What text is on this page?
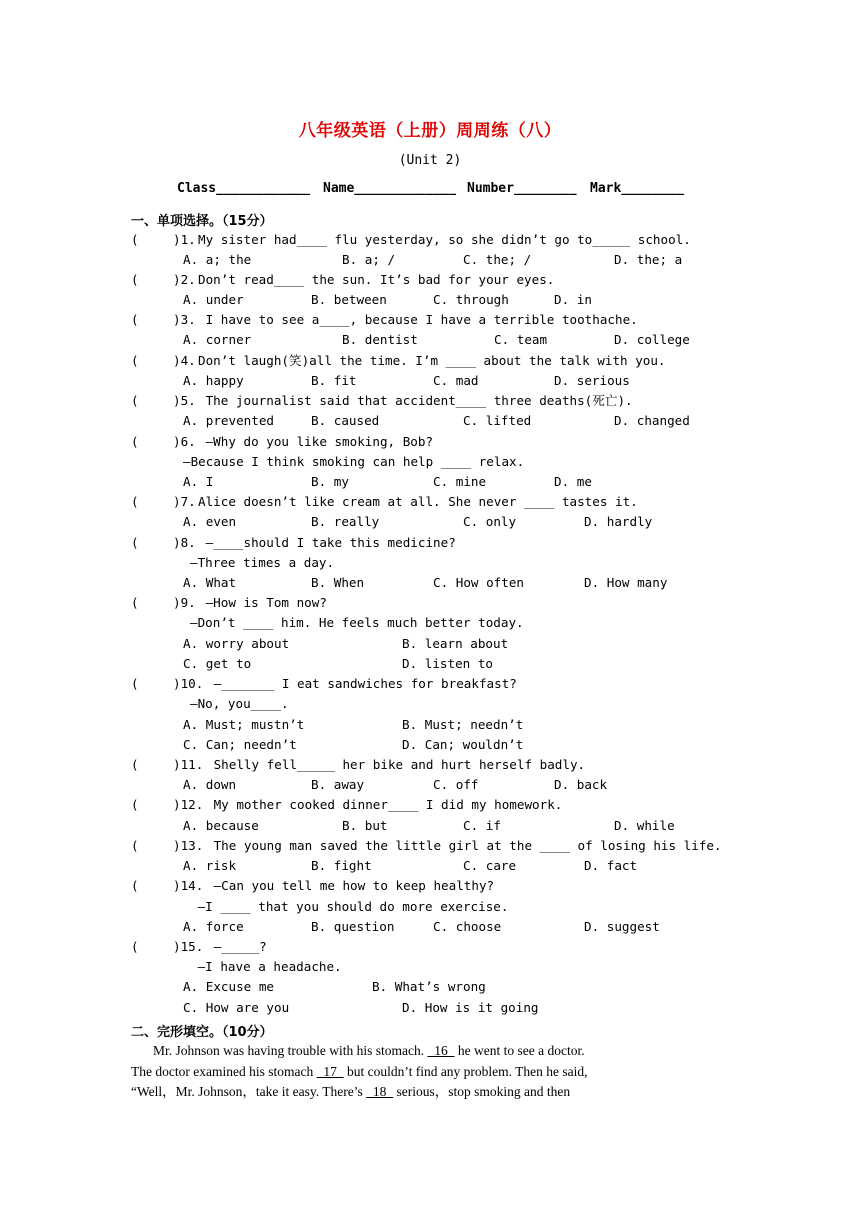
八年级英语（上册）周周练（八）
(Unit 2)
Class____________ Name_____________ Number________ Mark________
一、单项选择。（15分）
(
)1. My sister had____ flu yesterday, so she didn’t go to_____ school.
A. a; the	B. a; /	C. the; /	D. the; a
(
)2. Don’t read____ the sun. It’s bad for your eyes.
A. under	B. between	C. through	D. in
(
)3. I have to see a____, because I have a terrible toothache.
A. corner	B. dentist	C. team	D. college
(
)4. Don’t laugh(笑)all the time. I’m ____ about the talk with you.
A. happy	B. fit	C. mad	D. serious
(
)5. The journalist said that accident____ three deaths(死亡).
A. prevented	B. caused	C. lifted	D. changed
(
)6. —Why do you like smoking, Bob?
—Because I think smoking can help ____ relax.
A. I	B. my	C. mine	D. me
(
)7. Alice doesn’t like cream at all. She never ____ tastes it.
A. even	B. really	C. only	D. hardly
(
)8. —____should I take this medicine?
—Three times a day.
A. What	B. When	C. How often	D. How many
(
)9. —How is Tom now?
—Don’t ____ him. He feels much better today.
A. worry about	B. learn about
C. get to	D. listen to
(
)10. —_______ I eat sandwiches for breakfast?
—No, you____.
A. Must; mustn’t	B. Must; needn’t
C. Can; needn’t	D. Can; wouldn’t
(
)11. Shelly fell_____ her bike and hurt herself badly.
A. down	B. away	C. off	D. back
(
)12. My mother cooked dinner____ I did my homework.
A. because	B. but	C. if	D. while
(
)13. The young man saved the little girl at the ____ of losing his life.
A. risk	B. fight	C. care	D. fact
(
)14. —Can you tell me how to keep healthy?
—I ____ that you should do more exercise.
A. force	B. question	C. choose	D. suggest
(
)15. —_____?
—I have a headache.
A. Excuse me	B. What’s wrong
C. How are you	D. How is it going
二、完形填空。（10分）
Mr. Johnson was having trouble with his stomach.   16   he went to see a doctor.
The doctor examined his stomach   17   but couldn’t find any problem. Then he said,
“Well，Mr. Johnson，take it easy. There’s   18   serious，stop smoking and then
